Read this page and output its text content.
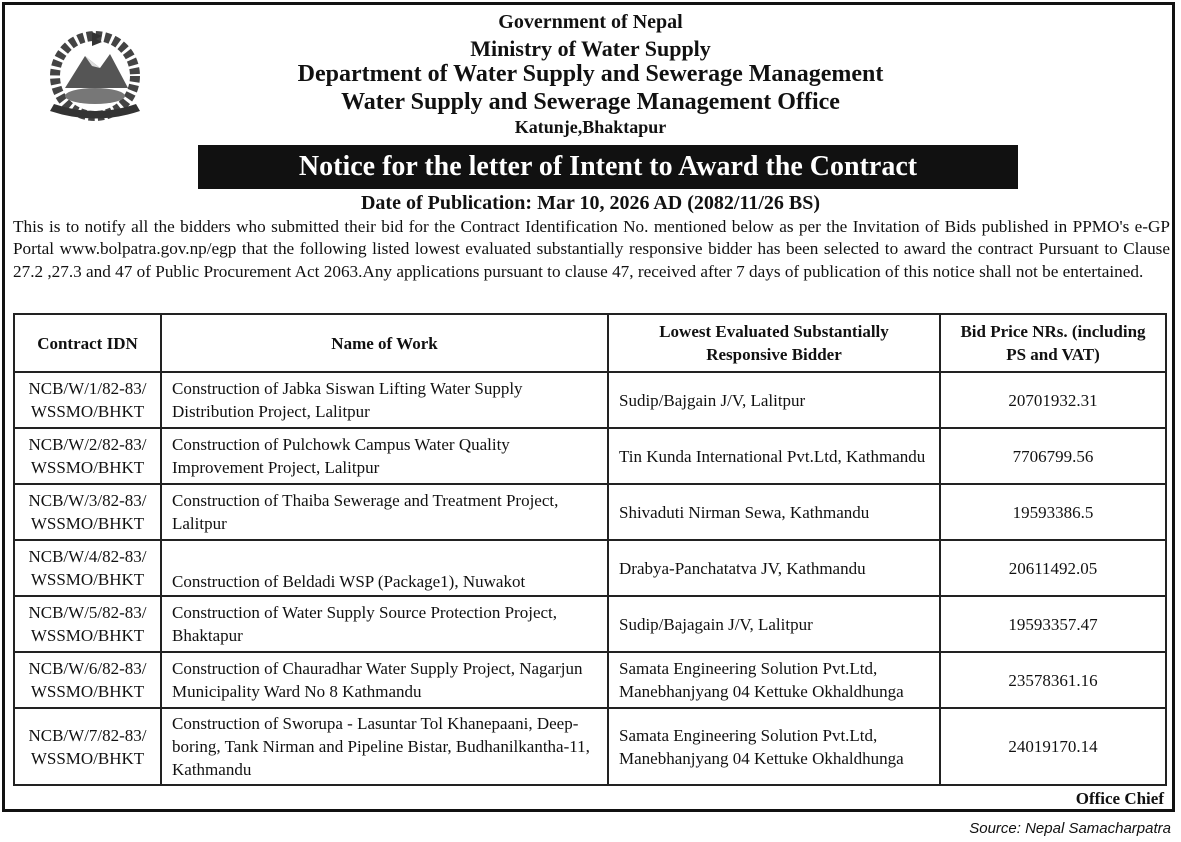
Government of Nepal
Ministry of Water Supply
Department of Water Supply and Sewerage Management
Water Supply and Sewerage Management Office
Katunje,Bhaktapur
Notice for the letter of Intent to Award the Contract
Date of Publication: Mar 10, 2026 AD (2082/11/26 BS)
This is to notify all the bidders who submitted their bid for the Contract Identification No. mentioned below as per the Invitation of Bids published in PPMO's e-GP Portal www.bolpatra.gov.np/egp that the following listed lowest evaluated substantially responsive bidder has been selected to award the contract Pursuant to Clause 27.2 ,27.3 and 47 of Public Procurement Act 2063.Any applications pursuant to clause 47, received after 7 days of publication of this notice shall not be entertained.
Contract IDN	Name of Work	Lowest Evaluated Substantially Responsive Bidder	Bid Price NRs. (including PS and VAT)
NCB/W/1/82-83/ WSSMO/BHKT	Construction of Jabka Siswan Lifting Water Supply Distribution Project, Lalitpur	Sudip/Bajgain J/V, Lalitpur	20701932.31
NCB/W/2/82-83/ WSSMO/BHKT	Construction of Pulchowk Campus Water Quality Improvement Project, Lalitpur	Tin Kunda International Pvt.Ltd, Kathmandu	7706799.56
NCB/W/3/82-83/ WSSMO/BHKT	Construction of Thaiba Sewerage and Treatment Project, Lalitpur	Shivaduti Nirman Sewa, Kathmandu	19593386.5
NCB/W/4/82-83/ WSSMO/BHKT	Construction of Beldadi WSP (Package1), Nuwakot	Drabya-Panchatatva JV, Kathmandu	20611492.05
NCB/W/5/82-83/ WSSMO/BHKT	Construction of Water Supply Source Protection Project, Bhaktapur	Sudip/Bajagain J/V, Lalitpur	19593357.47
NCB/W/6/82-83/ WSSMO/BHKT	Construction of Chauradhar Water Supply Project, Nagarjun Municipality Ward No 8 Kathmandu	Samata Engineering Solution Pvt.Ltd, Manebhanjyang 04 Kettuke Okhaldhunga	23578361.16
NCB/W/7/82-83/ WSSMO/BHKT	Construction of Sworupa - Lasuntar Tol Khanepaani, Deep-boring, Tank Nirman and Pipeline Bistar, Budhanilkantha-11, Kathmandu	Samata Engineering Solution Pvt.Ltd, Manebhanjyang 04 Kettuke Okhaldhunga	24019170.14
Office Chief
Source: Nepal Samacharpatra
